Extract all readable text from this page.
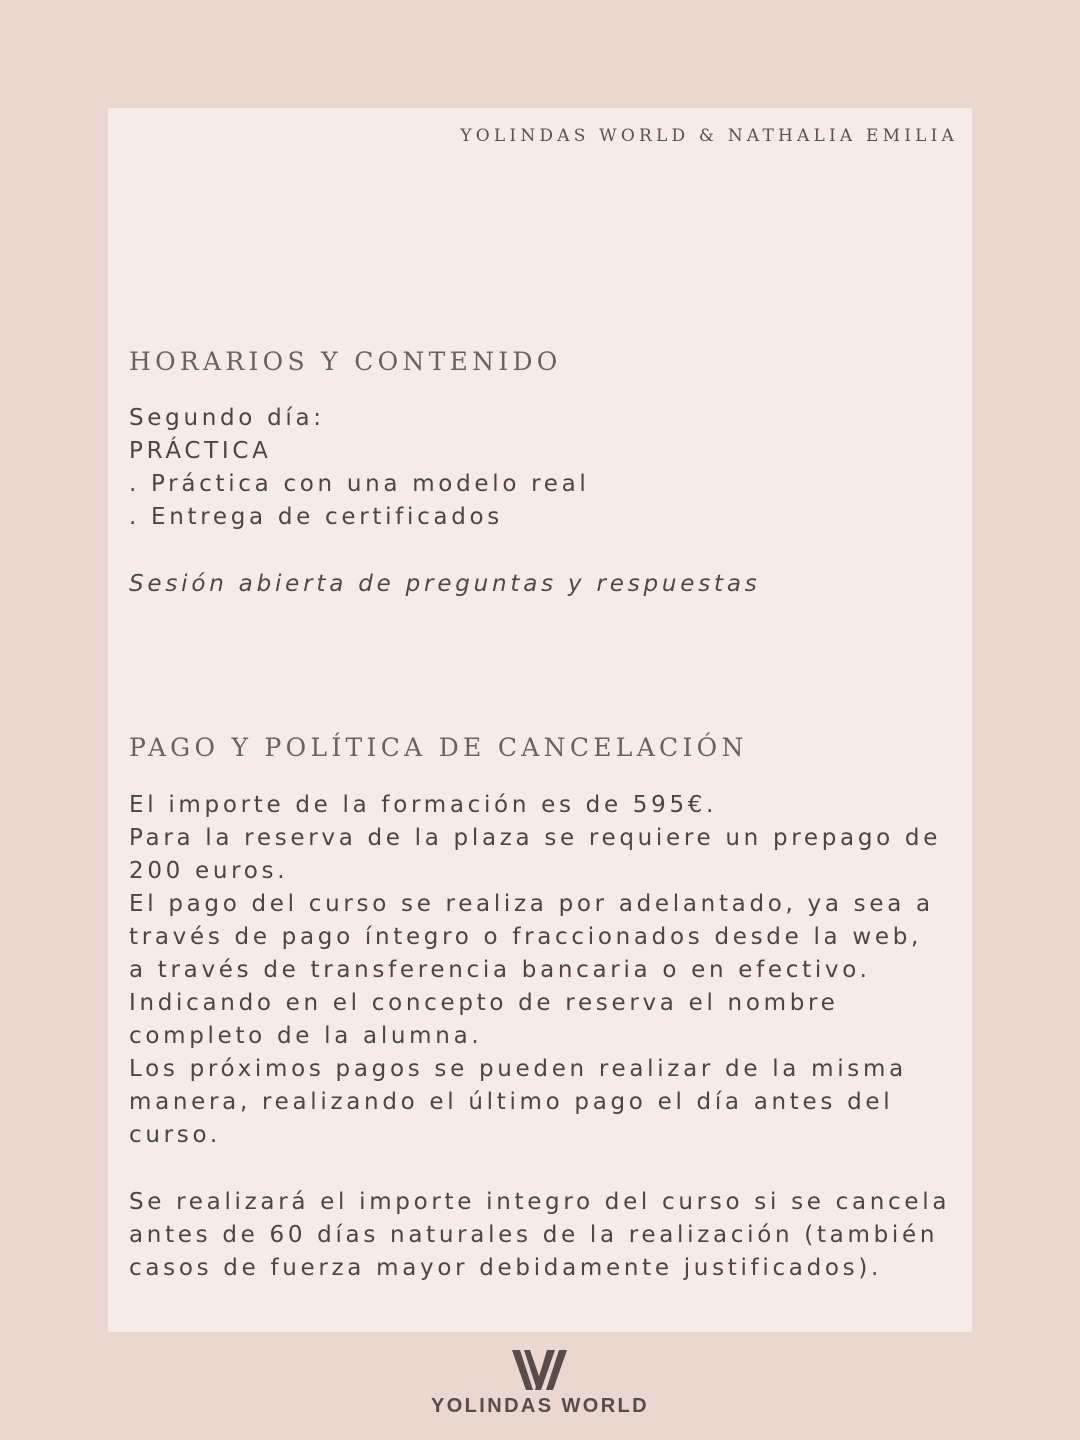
YOLINDAS WORLD & NATHALIA EMILIA
HORARIOS Y CONTENIDO
Segundo día:
PRÁCTICA
. Práctica con una modelo real
. Entrega de certificados

Sesión abierta de preguntas y respuestas

PAGO Y POLÍTICA DE CANCELACIÓN
El importe de la formación es de 595€.
Para la reserva de la plaza se requiere un prepago de
200 euros.
El pago del curso se realiza por adelantado, ya sea a
través de pago íntegro o fraccionados desde la web,
a través de transferencia bancaria o en efectivo.
Indicando en el concepto de reserva el nombre
completo de la alumna.
Los próximos pagos se pueden realizar de la misma
manera, realizando el último pago el día antes del
curso.
Se realizará el importe integro del curso si se cancela
antes de 60 días naturales de la realización (también
casos de fuerza mayor debidamente justificados).
YOLINDAS WORLD
